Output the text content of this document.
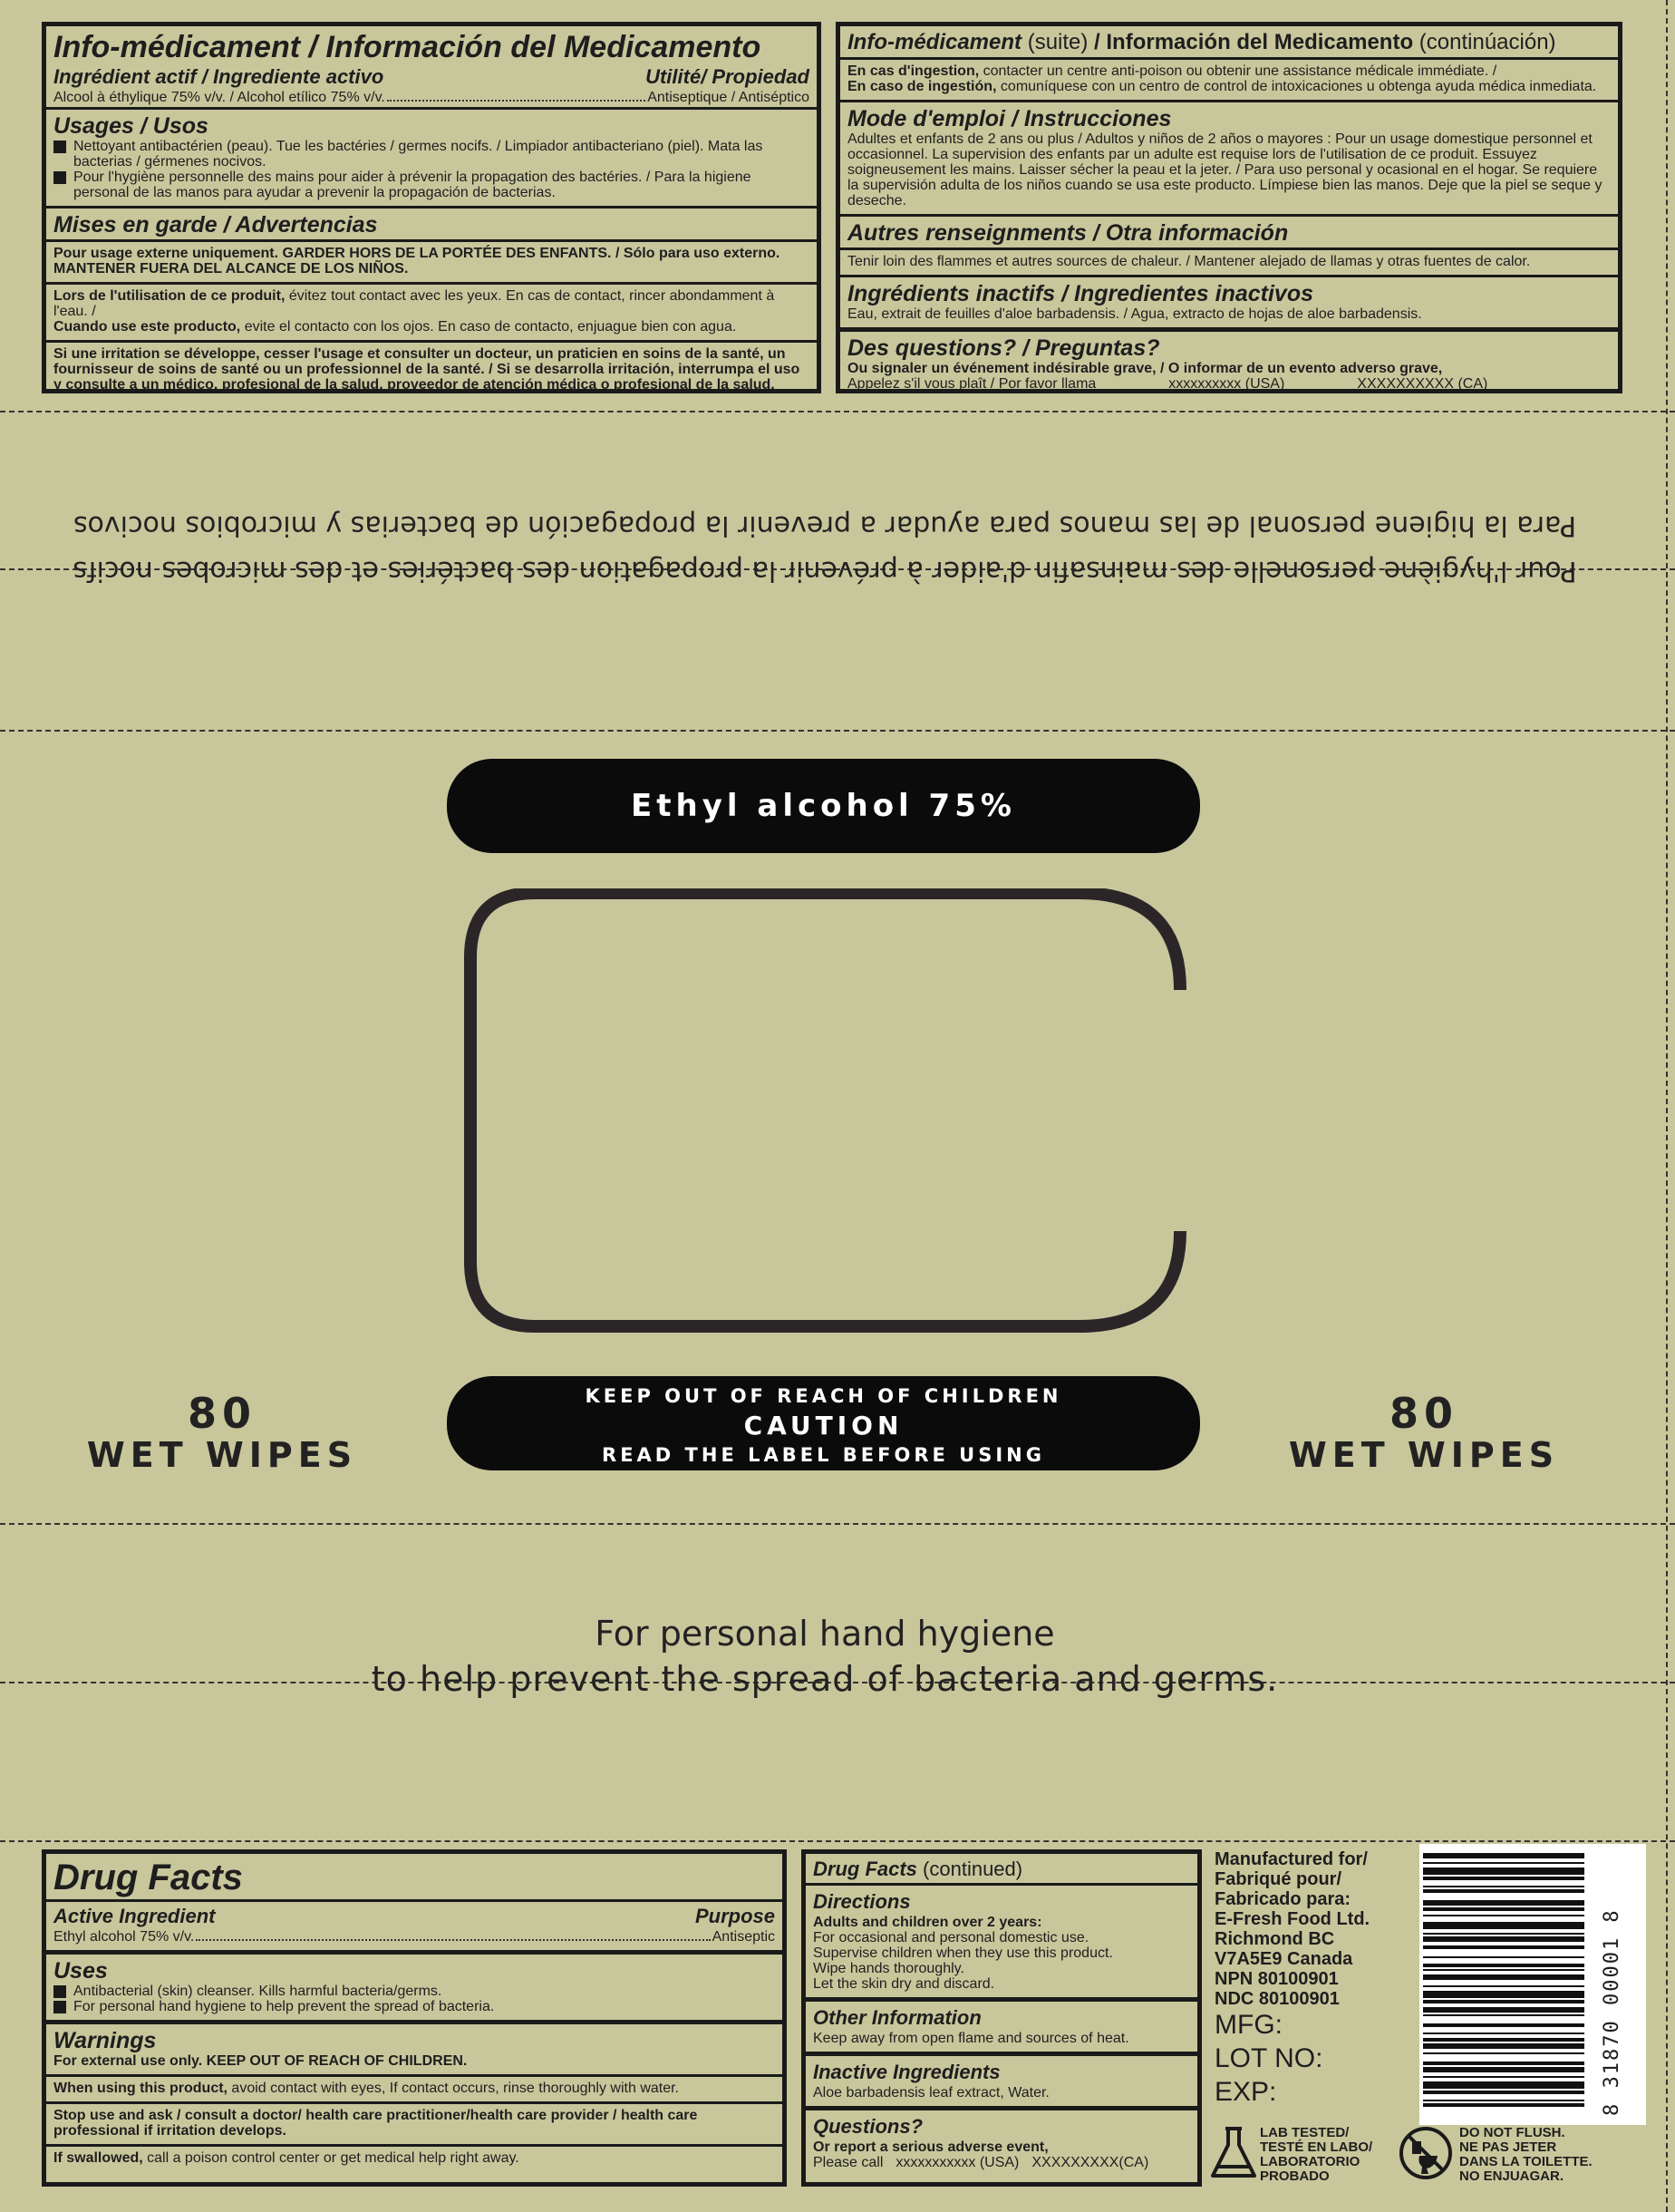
Info-médicament / Información del Medicamento
Ingrédient actif / Ingrediente activo	Utilité/ Propiedad
Alcool à éthylique 75% v/v. / Alcohol etílico 75% v/v.	Antiseptique / Antiséptico
Usages / Usos
Nettoyant antibactérien (peau). Tue les bactéries / germes nocifs. / Limpiador antibacteriano (piel). Mata las bacterias / gérmenes nocivos.
Pour l'hygiène personnelle des mains pour aider à prévenir la propagation des bactéries. / Para la higiene personal de las manos para ayudar a prevenir la propagación de bacterias.
Mises en garde / Advertencias
Pour usage externe uniquement. GARDER HORS DE LA PORTÉE DES ENFANTS. / Sólo para uso externo. MANTENER FUERA DEL ALCANCE DE LOS NIÑOS.
Lors de l'utilisation de ce produit, évitez tout contact avec les yeux. En cas de contact, rincer abondamment à l'eau. /
Cuando use este producto, evite el contacto con los ojos. En caso de contacto, enjuague bien con agua.
Si une irritation se développe, cesser l'usage et consulter un docteur, un praticien en soins de la santé, un fournisseur de soins de santé ou un professionnel de la santé. / Si se desarrolla irritación, interrumpa el uso y consulte a un médico, profesional de la salud, proveedor de atención médica o profesional de la salud.
Info-médicament (suite) / Información del Medicamento (continúación)
En cas d'ingestion, contacter un centre anti-poison ou obtenir une assistance médicale immédiate. /
En caso de ingestión, comuníquese con un centro de control de intoxicaciones u obtenga ayuda médica inmediata.
Mode d'emploi / Instrucciones
Adultes et enfants de 2 ans ou plus / Adultos y niños de 2 años o mayores : Pour un usage domestique personnel et occasionnel. La supervision des enfants par un adulte est requise lors de l'utilisation de ce produit. Essuyez soigneusement les mains. Laisser sécher la peau et la jeter. / Para uso personal y ocasional en el hogar. Se requiere la supervisión adulta de los niños cuando se usa este producto. Límpiese bien las manos. Deje que la piel se seque y deseche.
Autres renseignments / Otra información
Tenir loin des flammes et autres sources de chaleur. / Mantener alejado de llamas y otras fuentes de calor.
Ingrédients inactifs / Ingredientes inactivos
Eau, extrait de feuilles d'aloe barbadensis. / Agua, extracto de hojas de aloe barbadensis.
Des questions? / Preguntas?
Ou signaler un événement indésirable grave, / O informar de un evento adverso grave,
Appelez s'il vous plaît / Por favor llama	xxxxxxxxxx (USA)	XXXXXXXXXX (CA)
Para la higiene personal de las manos para ayudar a prevenir la propagación de bacterias y microbios nocivos
Pour l'hygiène personelle des mainsafin d'aider à prévenir la propagation des bactéries et des microbes nocifs
Ethyl alcohol 75%
KEEP OUT OF REACH OF CHILDREN
CAUTION
READ THE LABEL BEFORE USING
80
WET WIPES
80
WET WIPES
For personal hand hygiene
to help prevent the spread of bacteria and germs.
Drug Facts
Active Ingredient	Purpose
Ethyl alcohol 75% v/v.	Antiseptic
Uses
Antibacterial (skin) cleanser. Kills harmful bacteria/germs.
For personal hand hygiene to help prevent the spread of bacteria.
Warnings
For external use only. KEEP OUT OF REACH OF CHILDREN.
When using this product, avoid contact with eyes, If contact occurs, rinse thoroughly with water.
Stop use and ask / consult a doctor/ health care practitioner/health care provider / health care professional if irritation develops.
If swallowed, call a poison control center or get medical help right away.
Drug Facts (continued)
Directions
Adults and children over 2 years:
For occasional and personal domestic use.
Supervise children when they use this product.
Wipe hands thoroughly.
Let the skin dry and discard.
Other Information
Keep away from open flame and sources of heat.
Inactive Ingredients
Aloe barbadensis leaf extract, Water.
Questions?
Or report a serious adverse event,
Please call xxxxxxxxxxx (USA) XXXXXXXXX(CA)
Manufactured for/
Fabriqué pour/
Fabricado para:
E-Fresh Food Ltd.
Richmond BC
V7A5E9 Canada
NPN 80100901
NDC 80100901
MFG:
LOT NO:
EXP:	8 31870 00001 8
LAB TESTED/
TESTÉ EN LABO/
LABORATORIO
PROBADO
DO NOT FLUSH.
NE PAS JETER
DANS LA TOILETTE.
NO ENJUAGAR.
